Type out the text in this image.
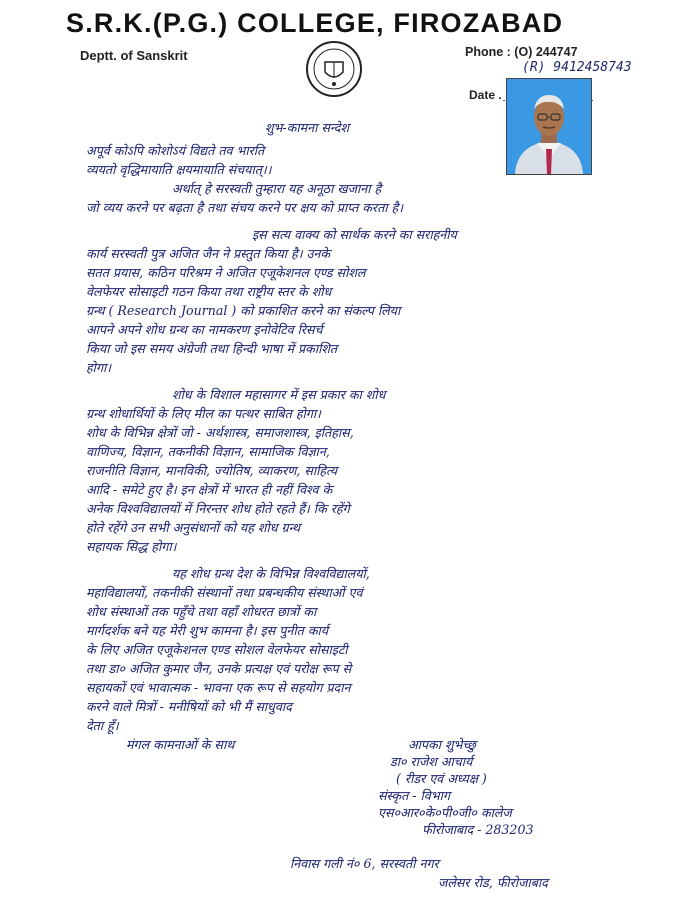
S.R.K.(P.G.) COLLEGE, FIROZABAD
Deptt. of Sanskrit	Phone : (O) 244747
(R) 9412458743
Date .
शुभ-कामना सन्देश
अपूर्व कोऽपि कोशोऽयं विद्यते तव भारति
व्ययतो वृद्धिमायाति क्षयमायाति संचयात्।।
अर्थात् हे सरस्वती तुम्हारा यह अनूठा खजाना है
जो व्यय करने पर बढ़ता है तथा संचय करने पर क्षय को प्राप्त करता है।
इस सत्य वाक्य को सार्थक करने का सराहनीय
कार्य सरस्वती पुत्र अजित जैन ने प्रस्तुत किया है। उनके
सतत प्रयास, कठिन परिश्रम ने अजित एजूकेशनल एण्ड सोशल
वेलफेयर सोसाइटी गठन किया तथा राष्ट्रीय स्तर के शोध
ग्रन्थ ( Research Journal ) को प्रकाशित करने का संकल्प लिया
आपने अपने शोध ग्रन्थ का नामकरण इनोवेटिव रिसर्च
किया जो इस समय अंग्रेजी तथा हिन्दी भाषा में प्रकाशित
होगा।
शोध के विशाल महासागर में इस प्रकार का शोध
ग्रन्थ शोधार्थियों के लिए मील का पत्थर साबित होगा।
शोध के विभिन्न क्षेत्रों जो - अर्थशास्त्र, समाजशास्त्र, इतिहास,
वाणिज्य, विज्ञान, तकनीकी विज्ञान, सामाजिक विज्ञान,
राजनीति विज्ञान, मानविकी, ज्योतिष, व्याकरण, साहित्य
आदि - समेटे हुए है। इन क्षेत्रों में भारत ही नहीं विश्व के
अनेक विश्वविद्यालयों में निरन्तर शोध होते रहते हैं। कि रहेंगे
होते रहेंगे उन सभी अनुसंधानों को यह शोध ग्रन्थ
सहायक सिद्ध होगा।
यह शोध ग्रन्थ देश के विभिन्न विश्वविद्यालयों,
महाविद्यालयों, तकनीकी संस्थानों तथा प्रबन्धकीय संस्थाओं एवं
शोध संस्थाओं तक पहुँचे तथा वहाँ शोधरत छात्रों का
मार्गदर्शक बने यह मेरी शुभ कामना है। इस पुनीत कार्य
के लिए अजित एजूकेशनल एण्ड सोशल वेलफेयर सोसाइटी
तथा डा० अजित कुमार जैन, उनके प्रत्यक्ष एवं परोक्ष रूप से
सहायकों एवं भावात्मक - भावना एक रूप से सहयोग प्रदान
करने वाले मित्रों - मनीषियों को भी मैं साधुवाद
देता हूँ।
मंगल कामनाओं के साथ	आपका शुभेच्छु
डा० राजेश आचार्य
( रीडर एवं अध्यक्ष )
संस्कृत - विभाग
एस०आर०के०पी०जी० कालेज
फीरोजाबाद - 283203
निवास गली नं० 6, सरस्वती नगर
जलेसर रोड, फीरोजाबाद
